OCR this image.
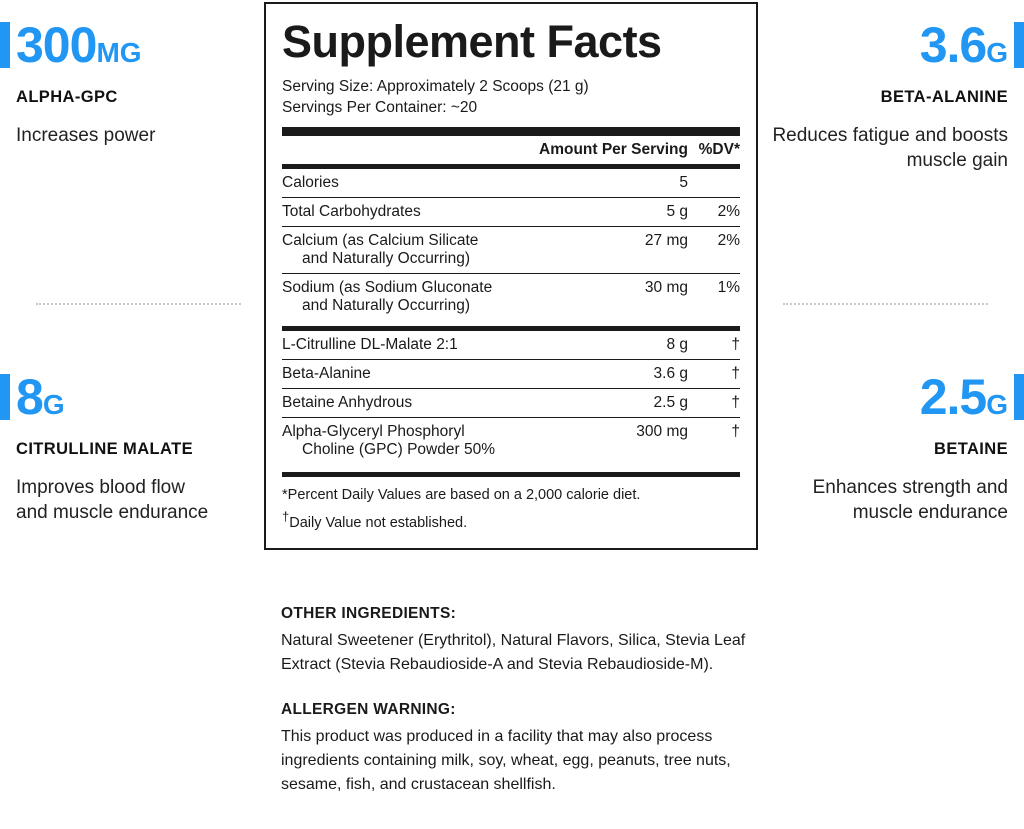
300MG
ALPHA-GPC
Increases power
8G
CITRULLINE MALATE
Improves blood flow and muscle endurance
3.6G
BETA-ALANINE
Reduces fatigue and boosts muscle gain
2.5G
BETAINE
Enhances strength and muscle endurance
Supplement Facts

Serving Size: Approximately 2 Scoops (21 g)

Servings Per Container: ~20

	Amount Per Serving	%DV*
Calories	5	
Total Carbohydrates	5 g	2%
Calcium (as Calcium Silicate
and Naturally Occurring)	27 mg	2%
Sodium (as Sodium Gluconate
and Naturally Occurring)	30 mg	1%
L-Citrulline DL-Malate 2:1	8 g	†
Beta-Alanine	3.6 g	†
Betaine Anhydrous	2.5 g	†
Alpha-Glyceryl Phosphoryl
Choline (GPC) Powder 50%	300 mg	†
*Percent Daily Values are based on a 2,000 calorie diet.
†Daily Value not established.
OTHER INGREDIENTS:

Natural Sweetener (Erythritol), Natural Flavors, Silica, Stevia Leaf Extract (Stevia Rebaudioside-A and Stevia Rebaudioside-M).

ALLERGEN WARNING:

This product was produced in a facility that may also process ingredients containing milk, soy, wheat, egg, peanuts, tree nuts, sesame, fish, and crustacean shellfish.
